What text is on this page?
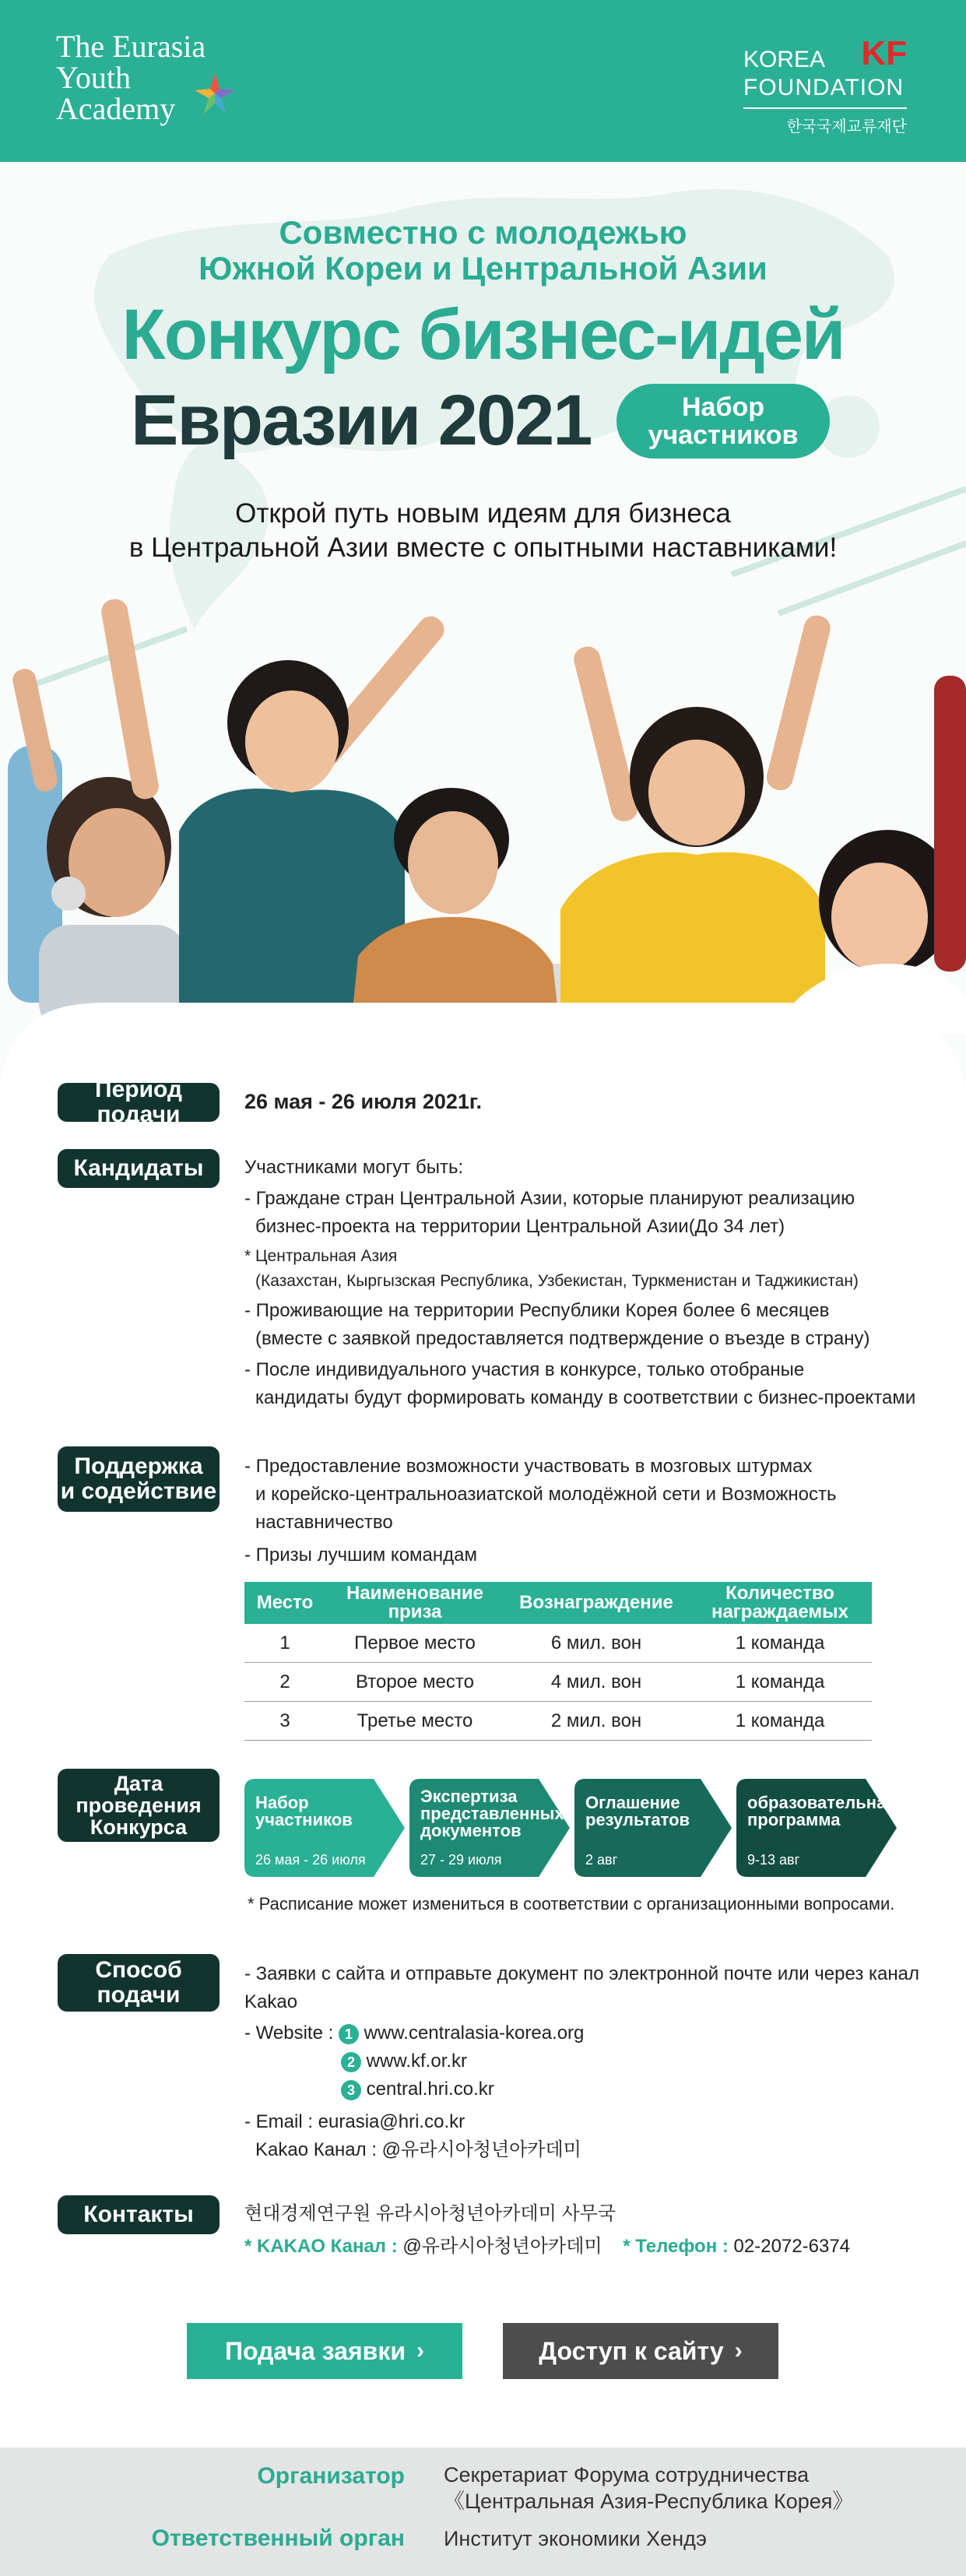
The Eurasia
Youth
Academy
KOREA KF
FOUNDATION
한국국제교류재단
Совместно с молодежью
Южной Кореи и Центральной Азии
Конкурс бизнес-идей
Евразии 2021	Набор
участников
Открой путь новым идеям для бизнеса
в Центральной Азии вместе с опытными наставниками!
Период подачи	26 мая - 26 июля 2021г.
Кандидаты	Участниками могут быть:

- Граждане стран Центральной Азии, которые планируют реализацию

бизнес-проекта на территории Центральной Азии(До 34 лет)

* Центральная Азия

(Казахстан, Кыргызская Республика, Узбекистан, Туркменистан и Таджикистан)

- Проживающие на территории Республики Корея более 6 месяцев

(вместе с заявкой предоставляется подтверждение о въезде в страну)

- После индивидуального участия в конкурсе, только отобраные

кандидаты будут формировать команду в соответствии с бизнес-проектами

Поддержка
и содействие

- Предоставление возможности участвовать в мозговых штурмах

и корейско-центральноазиатской молодёжной сети и Возможность

наставничество

- Призы лучшим командам

Место	Наименование приза	Вознаграждение	Количество награждаемых
1	Первое место	6 мил. вон	1 команда
2	Второе место	4 мил. вон	1 команда
3	Третье место	2 мил. вон	1 команда
Дата
проведения
Конкурса
Набор
участников
26 мая - 26 июля
Экспертиза
представленных
документов
27 - 29 июля
Оглашение
результатов
2 авг
образовательная
программа
9-13 авг
* Расписание может измениться в соответствии с организационными вопросами.
Способ
подачи

- Заявки с сайта и отправьте документ по электронной почте или через канал Kakao

- Website : 1 www.centralasia-korea.org

2 www.kf.or.kr

3 central.hri.co.kr

- Email : eurasia@hri.co.kr

Kakao Канал : @유라시아청년아카데미

Контакты	현대경제연구원 유라시아청년아카데미 사무국

* KAKAO Канал : @유라시아청년아카데미 * Телефон : 02-2072-6374

Подача заявки ›	Доступ к сайту ›
Организатор Секретариат Форума сотрудничества
《Центральная Азия-Республика Корея》
Ответственный орган Институт экономики Хендэ
